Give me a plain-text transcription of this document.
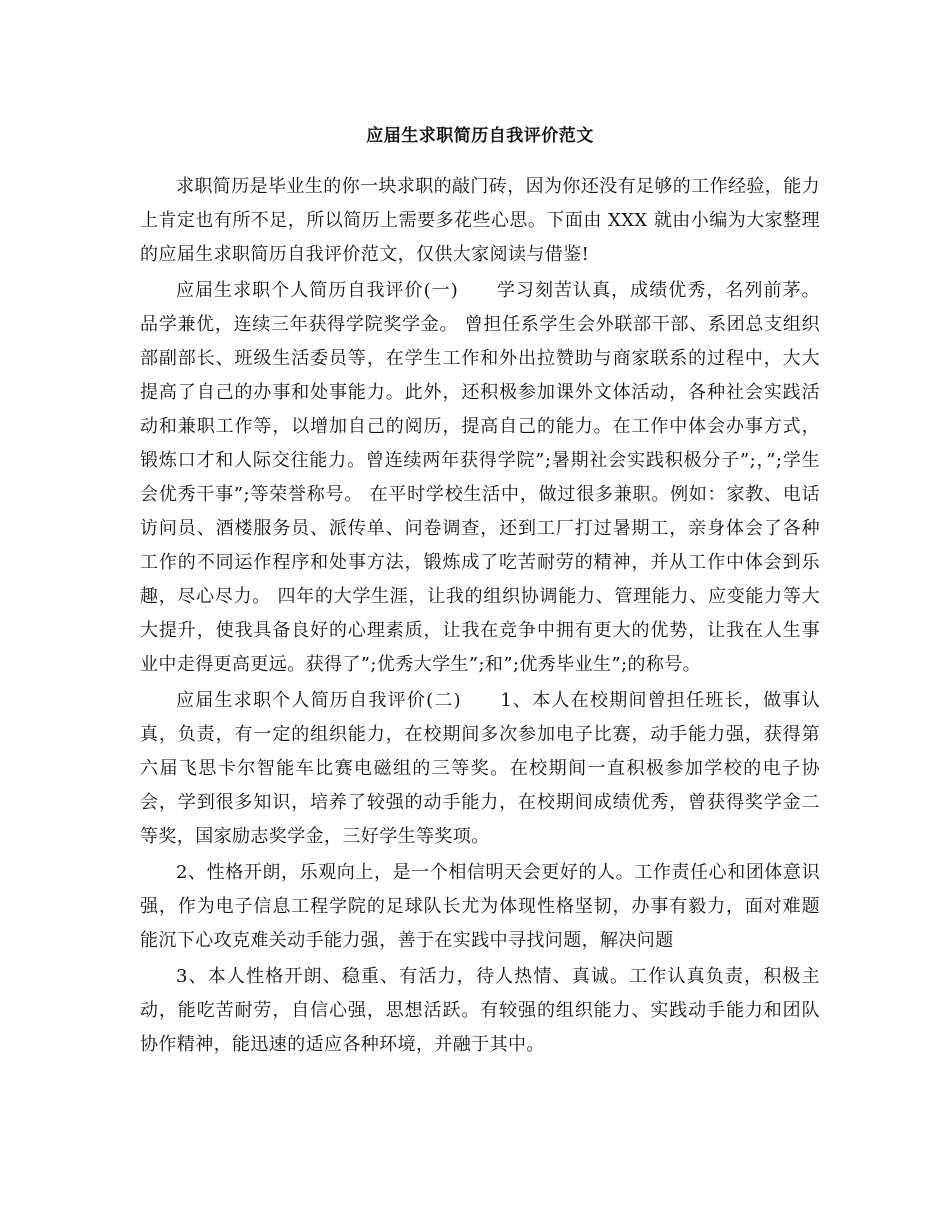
应届生求职简历自我评价范文

求职简历是毕业生的你一块求职的敲门砖，因为你还没有足够的工作经验，能力上肯定也有所不足，所以简历上需要多花些心思。下面由 XXX 就由小编为大家整理的应届生求职简历自我评价范文，仅供大家阅读与借鉴!

应届生求职个人简历自我评价(一)　　学习刻苦认真，成绩优秀，名列前茅。 品学兼优，连续三年获得学院奖学金。 曾担任系学生会外联部干部、系团总支组织部副部长、班级生活委员等，在学生工作和外出拉赞助与商家联系的过程中，大大提高了自己的办事和处事能力。此外，还积极参加课外文体活动，各种社会实践活动和兼职工作等，以增加自己的阅历，提高自己的能力。在工作中体会办事方式，锻炼口才和人际交往能力。曾连续两年获得学院”;暑期社会实践积极分子”;，”;学生会优秀干事”;等荣誉称号。 在平时学校生活中，做过很多兼职。例如：家教、电话访问员、酒楼服务员、派传单、问卷调查，还到工厂打过暑期工，亲身体会了各种工作的不同运作程序和处事方法，锻炼成了吃苦耐劳的精神，并从工作中体会到乐趣，尽心尽力。 四年的大学生涯，让我的组织协调能力、管理能力、应变能力等大大提升，使我具备良好的心理素质，让我在竞争中拥有更大的优势，让我在人生事业中走得更高更远。获得了”;优秀大学生”;和”;优秀毕业生”;的称号。

应届生求职个人简历自我评价(二)　　1、本人在校期间曾担任班长，做事认真，负责，有一定的组织能力，在校期间多次参加电子比赛，动手能力强，获得第六届飞思卡尔智能车比赛电磁组的三等奖。在校期间一直积极参加学校的电子协会，学到很多知识，培养了较强的动手能力，在校期间成绩优秀，曾获得奖学金二等奖，国家励志奖学金，三好学生等奖项。

2、性格开朗，乐观向上，是一个相信明天会更好的人。工作责任心和团体意识强，作为电子信息工程学院的足球队长尤为体现性格坚韧，办事有毅力，面对难题能沉下心攻克难关动手能力强，善于在实践中寻找问题，解决问题

3、本人性格开朗、稳重、有活力，待人热情、真诚。工作认真负责，积极主动，能吃苦耐劳，自信心强，思想活跃。有较强的组织能力、实践动手能力和团队协作精神，能迅速的适应各种环境，并融于其中。
